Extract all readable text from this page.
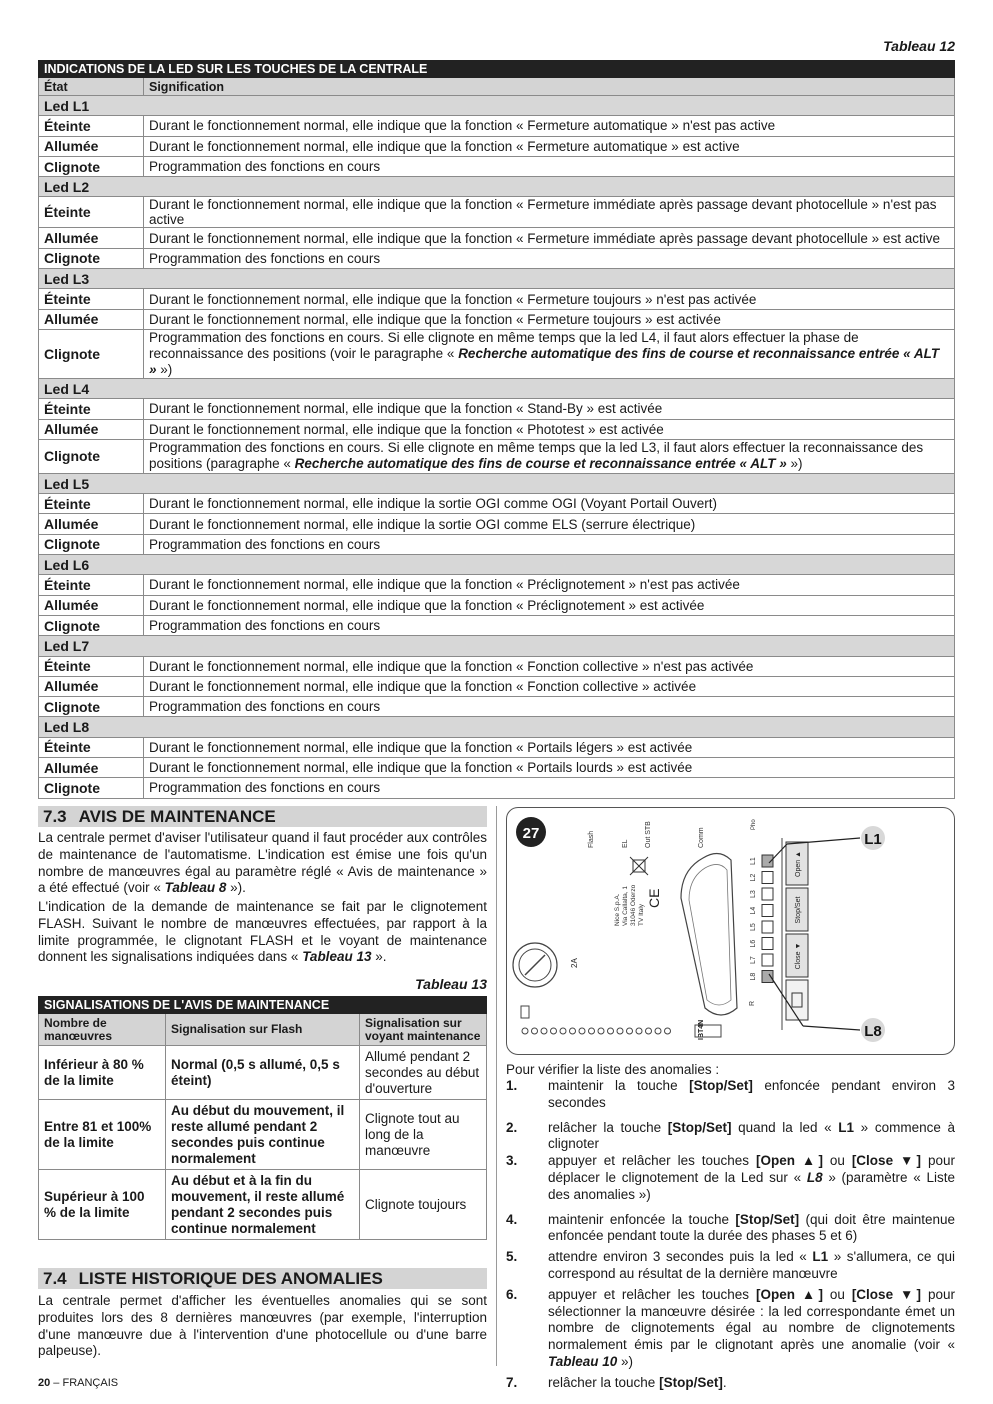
Tableau 12
INDICATIONS DE LA LED SUR LES TOUCHES DE LA CENTRALE	
État	Signification
Led L1	
Éteinte	Durant le fonctionnement normal, elle indique que la fonction « Fermeture automatique » n'est pas active
Allumée	Durant le fonctionnement normal, elle indique que la fonction « Fermeture automatique » est active
Clignote	Programmation des fonctions en cours
Led L2	
Éteinte	Durant le fonctionnement normal, elle indique que la fonction « Fermeture immédiate après passage devant photocellule » n'est pas active
Allumée	Durant le fonctionnement normal, elle indique que la fonction « Fermeture immédiate après passage devant photocellule » est active
Clignote	Programmation des fonctions en cours
Led L3	
Éteinte	Durant le fonctionnement normal, elle indique que la fonction « Fermeture toujours » n'est pas activée
Allumée	Durant le fonctionnement normal, elle indique que la fonction « Fermeture toujours » est activée
Clignote	Programmation des fonctions en cours. Si elle clignote en même temps que la led L4, il faut alors effectuer la phase de reconnaissance des positions (voir le paragraphe « Recherche automatique des fins de course et reconnaissance entrée « ALT » »)
Led L4	
Éteinte	Durant le fonctionnement normal, elle indique que la fonction « Stand-By » est activée
Allumée	Durant le fonctionnement normal, elle indique que la fonction « Phototest » est activée
Clignote	Programmation des fonctions en cours. Si elle clignote en même temps que la led L3, il faut alors effectuer la reconnaissance des positions (paragraphe « Recherche automatique des fins de course et reconnaissance entrée « ALT » »)
Led L5	
Éteinte	Durant le fonctionnement normal, elle indique la sortie OGI comme OGI (Voyant Portail Ouvert)
Allumée	Durant le fonctionnement normal, elle indique la sortie OGI comme ELS (serrure électrique)
Clignote	Programmation des fonctions en cours
Led L6	
Éteinte	Durant le fonctionnement normal, elle indique que la fonction « Préclignotement » n'est pas activée
Allumée	Durant le fonctionnement normal, elle indique que la fonction « Préclignotement » est activée
Clignote	Programmation des fonctions en cours
Led L7	
Éteinte	Durant le fonctionnement normal, elle indique que la fonction « Fonction collective » n'est pas activée
Allumée	Durant le fonctionnement normal, elle indique que la fonction « Fonction collective » activée
Clignote	Programmation des fonctions en cours
Led L8	
Éteinte	Durant le fonctionnement normal, elle indique que la fonction « Portails légers » est activée
Allumée	Durant le fonctionnement normal, elle indique que la fonction « Portails lourds » est activée
Clignote	Programmation des fonctions en cours
7.3 AVIS DE MAINTENANCE
La centrale permet d'aviser l'utilisateur quand il faut procéder aux contrôles de maintenance de l'automatisme. L'indication est émise une fois qu'un nombre de manœuvres égal au paramètre réglé « Avis de maintenance » a été effectué (voir « Tableau 8 »).
L'indication de la demande de maintenance se fait par le clignotement FLASH. Suivant le nombre de manœuvres effectuées, par rapport à la limite programmée, le clignotant FLASH et le voyant de maintenance donnent les signalisations indiquées dans « Tableau 13 ».
Tableau 13
SIGNALISATIONS DE L'AVIS DE MAINTENANCE		
Nombre de manœuvres	Signalisation sur Flash	Signalisation sur voyant maintenance
Inférieur à 80 % de la limite	Normal (0,5 s allumé, 0,5 s éteint)	Allumé pendant 2 secondes au début d'ouverture
Entre 81 et 100% de la limite	Au début du mouvement, il reste allumé pendant 2 secondes puis continue normalement	Clignote tout au long de la manœuvre
Supérieur à 100 % de la limite	Au début et à la fin du mouvement, il reste allumé pendant 2 secondes puis continue normalement	Clignote toujours
7.4 LISTE HISTORIQUE DES ANOMALIES
La centrale permet d'afficher les éventuelles anomalies qui se sont produites lors des 8 dernières manœuvres (par exemple, l'interruption d'une manœuvre due à l'intervention d'une photocellule ou d'une barre palpeuse).
27
2A
Flash	EL Out STB	Comm
Pho
Nice S.p.A. Via Callalta, 1 31046 Oderzo TV Italy
CE
IBT4N
L1
L2
L3
L4
L5
L6
L7
L8
R
Open ▲
Stop/Set
Close ▼
L1
L8
Pour vérifier la liste des anomalies :
1. maintenir la touche [Stop/Set] enfoncée pendant environ 3 secondes
2. relâcher la touche [Stop/Set] quand la led « L1 » commence à clignoter
3. appuyer et relâcher les touches [Open ▲] ou [Close ▼] pour déplacer le clignotement de la Led sur « L8 » (paramètre « Liste des anomalies »)
4. maintenir enfoncée la touche [Stop/Set] (qui doit être maintenue enfoncée pendant toute la durée des phases 5 et 6)
5. attendre environ 3 secondes puis la led « L1 » s'allumera, ce qui correspond au résultat de la dernière manœuvre
6. appuyer et relâcher les touches [Open ▲] ou [Close ▼] pour sélectionner la manœuvre désirée : la led correspondante émet un nombre de clignotements égal au nombre de clignotements normalement émis par le clignotant après une anomalie (voir « Tableau 10 »)
7. relâcher la touche [Stop/Set].
20 – FRANÇAIS
